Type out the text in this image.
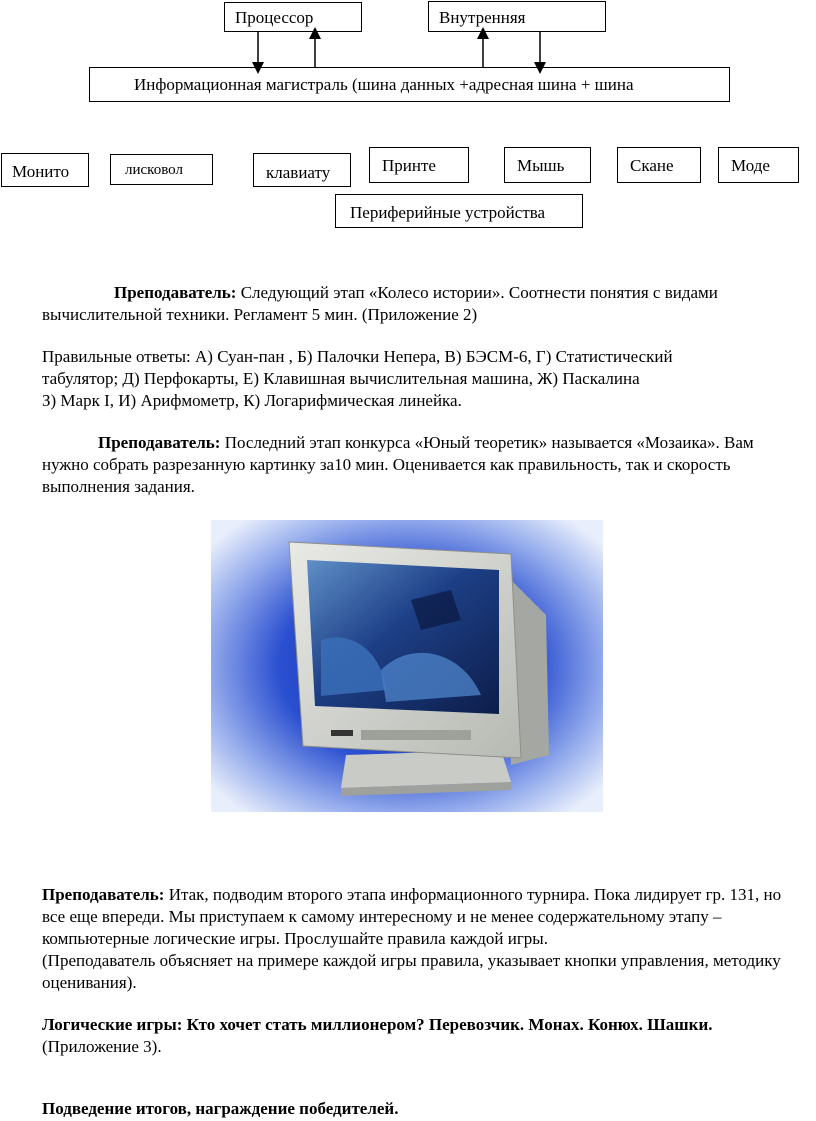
Процессор	Внутренняя
Информационная магистраль (шина данных +адресная шина + шина
Монито	лисковол	клавиату	Принте	Мышь	Скане	Моде
Периферийные устройства
Преподаватель: Следующий этап «Колесо истории». Соотнести понятия с видами вычислительной техники. Регламент 5 мин. (Приложение 2)
Правильные ответы: А) Суан-пан , Б) Палочки Непера, В) БЭСМ-6, Г) Статистический
табулятор; Д) Перфокарты, Е) Клавишная вычислительная машина, Ж) Паскалина
З) Марк I, И) Арифмометр, К) Логарифмическая линейка.
Преподаватель: Последний этап конкурса «Юный теоретик» называется «Мозаика». Вам нужно собрать разрезанную картинку за10 мин. Оценивается как правильность, так и скорость выполнения задания.
Преподаватель: Итак, подводим второго этапа информационного турнира. Пока лидирует гр. 131, но все еще впереди. Мы приступаем к самому интересному и не менее содержательному этапу – компьютерные логические игры. Прослушайте правила каждой игры.
(Преподаватель объясняет на примере каждой игры правила, указывает кнопки управления, методику оценивания).
Логические игры: Кто хочет стать миллионером? Перевозчик. Монах. Конюх. Шашки.
(Приложение 3).
Подведение итогов, награждение победителей.
